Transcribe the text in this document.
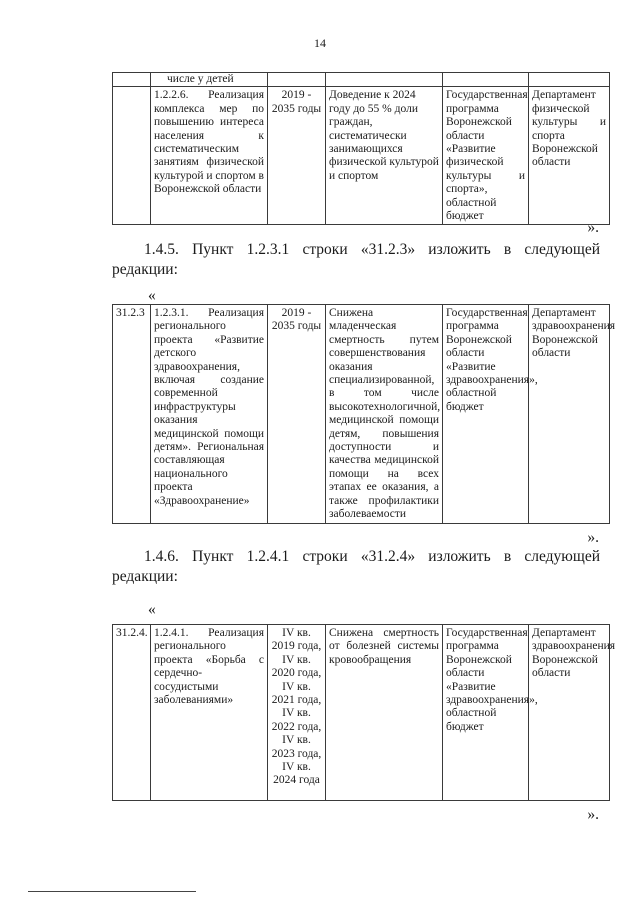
14
	числе у детей				
	1.2.2.6. Реализация комплекса мер по повышению интереса населения к систематическим занятиям физической культурой и спортом в Воронежской области	2019 - 2035 годы	Доведение к 2024 году до 55 % доли граждан, систематически занимающихся физической культурой и спортом	Государственная программа Воронежской области «Развитие физической культуры и спорта», областной бюджет	Департамент физической культуры и спорта Воронежской области
».
1.4.5. Пункт 1.2.3.1 строки «31.2.3» изложить в следующей редакции:
«
31.2.3	1.2.3.1. Реализация регионального проекта «Развитие детского здравоохранения, включая создание современной инфраструктуры оказания медицинской помощи детям». Региональная составляющая национального проекта «Здравоохранение»	2019 - 2035 годы	Снижена младенческая смертность путем совершенствования оказания специализированной, в том числе высокотехнологичной, медицинской помощи детям, повышения доступности и качества медицинской помощи на всех этапах ее оказания, а также профилактики заболеваемости	Государственная программа Воронежской области «Развитие здравоохранения», областной бюджет	Департамент здравоохранения Воронежской области
».
1.4.6. Пункт 1.2.4.1 строки «31.2.4» изложить в следующей редакции:
«
31.2.4.	1.2.4.1. Реализация регионального проекта «Борьба с сердечно-сосудистыми заболеваниями»	IV кв. 2019 года, IV кв. 2020 года, IV кв. 2021 года, IV кв. 2022 года, IV кв. 2023 года, IV кв. 2024 года	Снижена смертность от болезней системы кровообращения	Государственная программа Воронежской области «Развитие здравоохранения», областной бюджет	Департамент здравоохранения Воронежской области
».
